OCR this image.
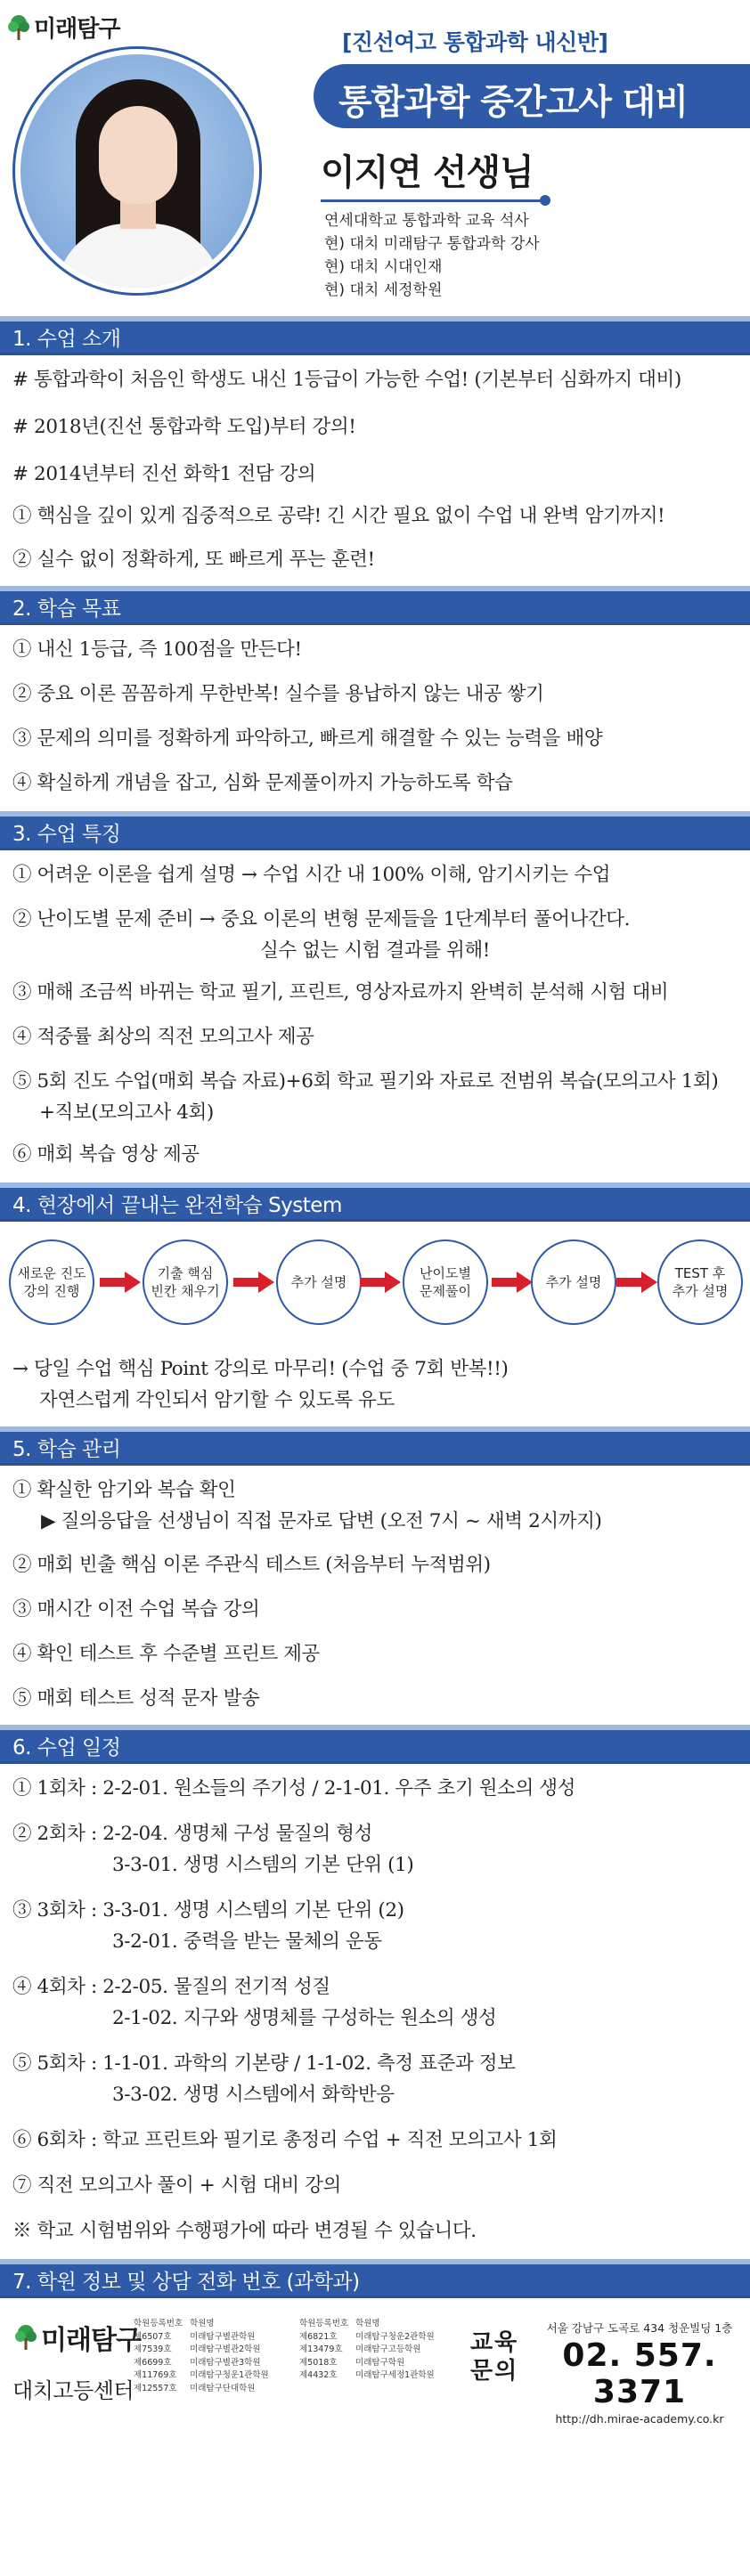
미래탐구	[진선여고 통합과학 내신반]
통합과학 중간고사 대비
이지연 선생님
연세대학교 통합과학 교육 석사
현) 대치 미래탐구 통합과학 강사
현) 대치 시대인재
현) 대치 세정학원
1. 수업 소개
# 통합과학이 처음인 학생도 내신 1등급이 가능한 수업! (기본부터 심화까지 대비)
# 2018년(진선 통합과학 도입)부터 강의!
# 2014년부터 진선 화학1 전담 강의
① 핵심을 깊이 있게 집중적으로 공략! 긴 시간 필요 없이 수업 내 완벽 암기까지!
② 실수 없이 정확하게, 또 빠르게 푸는 훈련!
2. 학습 목표
① 내신 1등급, 즉 100점을 만든다!
② 중요 이론 꼼꼼하게 무한반복! 실수를 용납하지 않는 내공 쌓기
③ 문제의 의미를 정확하게 파악하고, 빠르게 해결할 수 있는 능력을 배양
④ 확실하게 개념을 잡고, 심화 문제풀이까지 가능하도록 학습
3. 수업 특징
① 어려운 이론을 쉽게 설명 → 수업 시간 내 100% 이해, 암기시키는 수업
② 난이도별 문제 준비 → 중요 이론의 변형 문제들을 1단계부터 풀어나간다.
실수 없는 시험 결과를 위해!
③ 매해 조금씩 바뀌는 학교 필기, 프린트, 영상자료까지 완벽히 분석해 시험 대비
④ 적중률 최상의 직전 모의고사 제공
⑤ 5회 진도 수업(매회 복습 자료)+6회 학교 필기와 자료로 전범위 복습(모의고사 1회)
+직보(모의고사 4회)
⑥ 매회 복습 영상 제공
4. 현장에서 끝내는 완전학습 System
새로운 진도
강의 진행
기출 핵심
빈칸 채우기
추가 설명
난이도별
문제풀이
추가 설명
TEST 후
추가 설명
→ 당일 수업 핵심 Point 강의로 마무리! (수업 중 7회 반복!!)
자연스럽게 각인되서 암기할 수 있도록 유도
5. 학습 관리
① 확실한 암기와 복습 확인
▶ 질의응답을 선생님이 직접 문자로 답변 (오전 7시 ~ 새벽 2시까지)
② 매회 빈출 핵심 이론 주관식 테스트 (처음부터 누적범위)
③ 매시간 이전 수업 복습 강의
④ 확인 테스트 후 수준별 프린트 제공
⑤ 매회 테스트 성적 문자 발송
6. 수업 일정
① 1회차 : 2-2-01. 원소들의 주기성 / 2-1-01. 우주 초기 원소의 생성
② 2회차 : 2-2-04. 생명체 구성 물질의 형성
3-3-01. 생명 시스템의 기본 단위 (1)
③ 3회차 : 3-3-01. 생명 시스템의 기본 단위 (2)
3-2-01. 중력을 받는 물체의 운동
④ 4회차 : 2-2-05. 물질의 전기적 성질
2-1-02. 지구와 생명체를 구성하는 원소의 생성
⑤ 5회차 : 1-1-01. 과학의 기본량 / 1-1-02. 측정 표준과 정보
3-3-02. 생명 시스템에서 화학반응
⑥ 6회차 : 학교 프린트와 필기로 총정리 수업 + 직전 모의고사 1회
⑦ 직전 모의고사 풀이 + 시험 대비 강의
※ 학교 시험범위와 수행평가에 따라 변경될 수 있습니다.
7. 학원 정보 및 상담 전화 번호 (과학과)
미래탐구
대치고등센터
학원등록번호
제6507호
제7539호
제6699호
제11769호
제12557호
학원명
미래탐구별관학원
미래탐구별관2학원
미래탐구별관3학원
미래탐구청운1관학원
미래탐구단대학원
학원등록번호
제6821호
제13479호
제5018호
제4432호
학원명
미래탐구청운2관학원
미래탐구고등학원
미래탐구학원
미래탐구세정1관학원
교육
문의
서울 강남구 도곡로 434 청운빌딩 1층
02. 557. 3371
http://dh.mirae-academy.co.kr
